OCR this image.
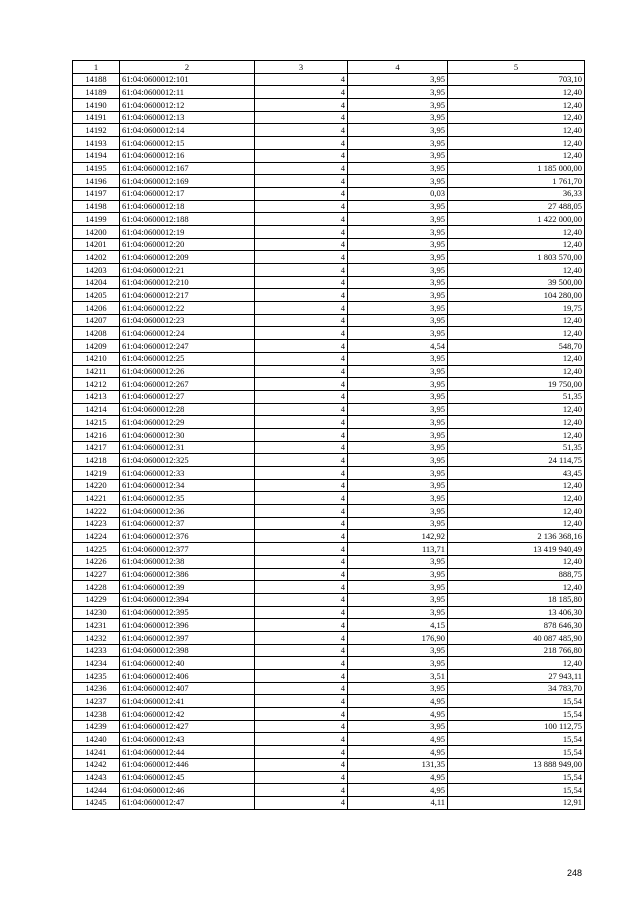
1	2	3	4	5
14188	61:04:0600012:101	4	3,95	703,10
14189	61:04:0600012:11	4	3,95	12,40
14190	61:04:0600012:12	4	3,95	12,40
14191	61:04:0600012:13	4	3,95	12,40
14192	61:04:0600012:14	4	3,95	12,40
14193	61:04:0600012:15	4	3,95	12,40
14194	61:04:0600012:16	4	3,95	12,40
14195	61:04:0600012:167	4	3,95	1 185 000,00
14196	61:04:0600012:169	4	3,95	1 761,70
14197	61:04:0600012:17	4	0,03	36,33
14198	61:04:0600012:18	4	3,95	27 488,05
14199	61:04:0600012:188	4	3,95	1 422 000,00
14200	61:04:0600012:19	4	3,95	12,40
14201	61:04:0600012:20	4	3,95	12,40
14202	61:04:0600012:209	4	3,95	1 803 570,00
14203	61:04:0600012:21	4	3,95	12,40
14204	61:04:0600012:210	4	3,95	39 500,00
14205	61:04:0600012:217	4	3,95	104 280,00
14206	61:04:0600012:22	4	3,95	19,75
14207	61:04:0600012:23	4	3,95	12,40
14208	61:04:0600012:24	4	3,95	12,40
14209	61:04:0600012:247	4	4,54	548,70
14210	61:04:0600012:25	4	3,95	12,40
14211	61:04:0600012:26	4	3,95	12,40
14212	61:04:0600012:267	4	3,95	19 750,00
14213	61:04:0600012:27	4	3,95	51,35
14214	61:04:0600012:28	4	3,95	12,40
14215	61:04:0600012:29	4	3,95	12,40
14216	61:04:0600012:30	4	3,95	12,40
14217	61:04:0600012:31	4	3,95	51,35
14218	61:04:0600012:325	4	3,95	24 114,75
14219	61:04:0600012:33	4	3,95	43,45
14220	61:04:0600012:34	4	3,95	12,40
14221	61:04:0600012:35	4	3,95	12,40
14222	61:04:0600012:36	4	3,95	12,40
14223	61:04:0600012:37	4	3,95	12,40
14224	61:04:0600012:376	4	142,92	2 136 368,16
14225	61:04:0600012:377	4	113,71	13 419 940,49
14226	61:04:0600012:38	4	3,95	12,40
14227	61:04:0600012:386	4	3,95	888,75
14228	61:04:0600012:39	4	3,95	12,40
14229	61:04:0600012:394	4	3,95	18 185,80
14230	61:04:0600012:395	4	3,95	13 406,30
14231	61:04:0600012:396	4	4,15	878 646,30
14232	61:04:0600012:397	4	176,90	40 087 485,90
14233	61:04:0600012:398	4	3,95	218 766,80
14234	61:04:0600012:40	4	3,95	12,40
14235	61:04:0600012:406	4	3,51	27 943,11
14236	61:04:0600012:407	4	3,95	34 783,70
14237	61:04:0600012:41	4	4,95	15,54
14238	61:04:0600012:42	4	4,95	15,54
14239	61:04:0600012:427	4	3,95	100 112,75
14240	61:04:0600012:43	4	4,95	15,54
14241	61:04:0600012:44	4	4,95	15,54
14242	61:04:0600012:446	4	131,35	13 888 949,00
14243	61:04:0600012:45	4	4,95	15,54
14244	61:04:0600012:46	4	4,95	15,54
14245	61:04:0600012:47	4	4,11	12,91
248
